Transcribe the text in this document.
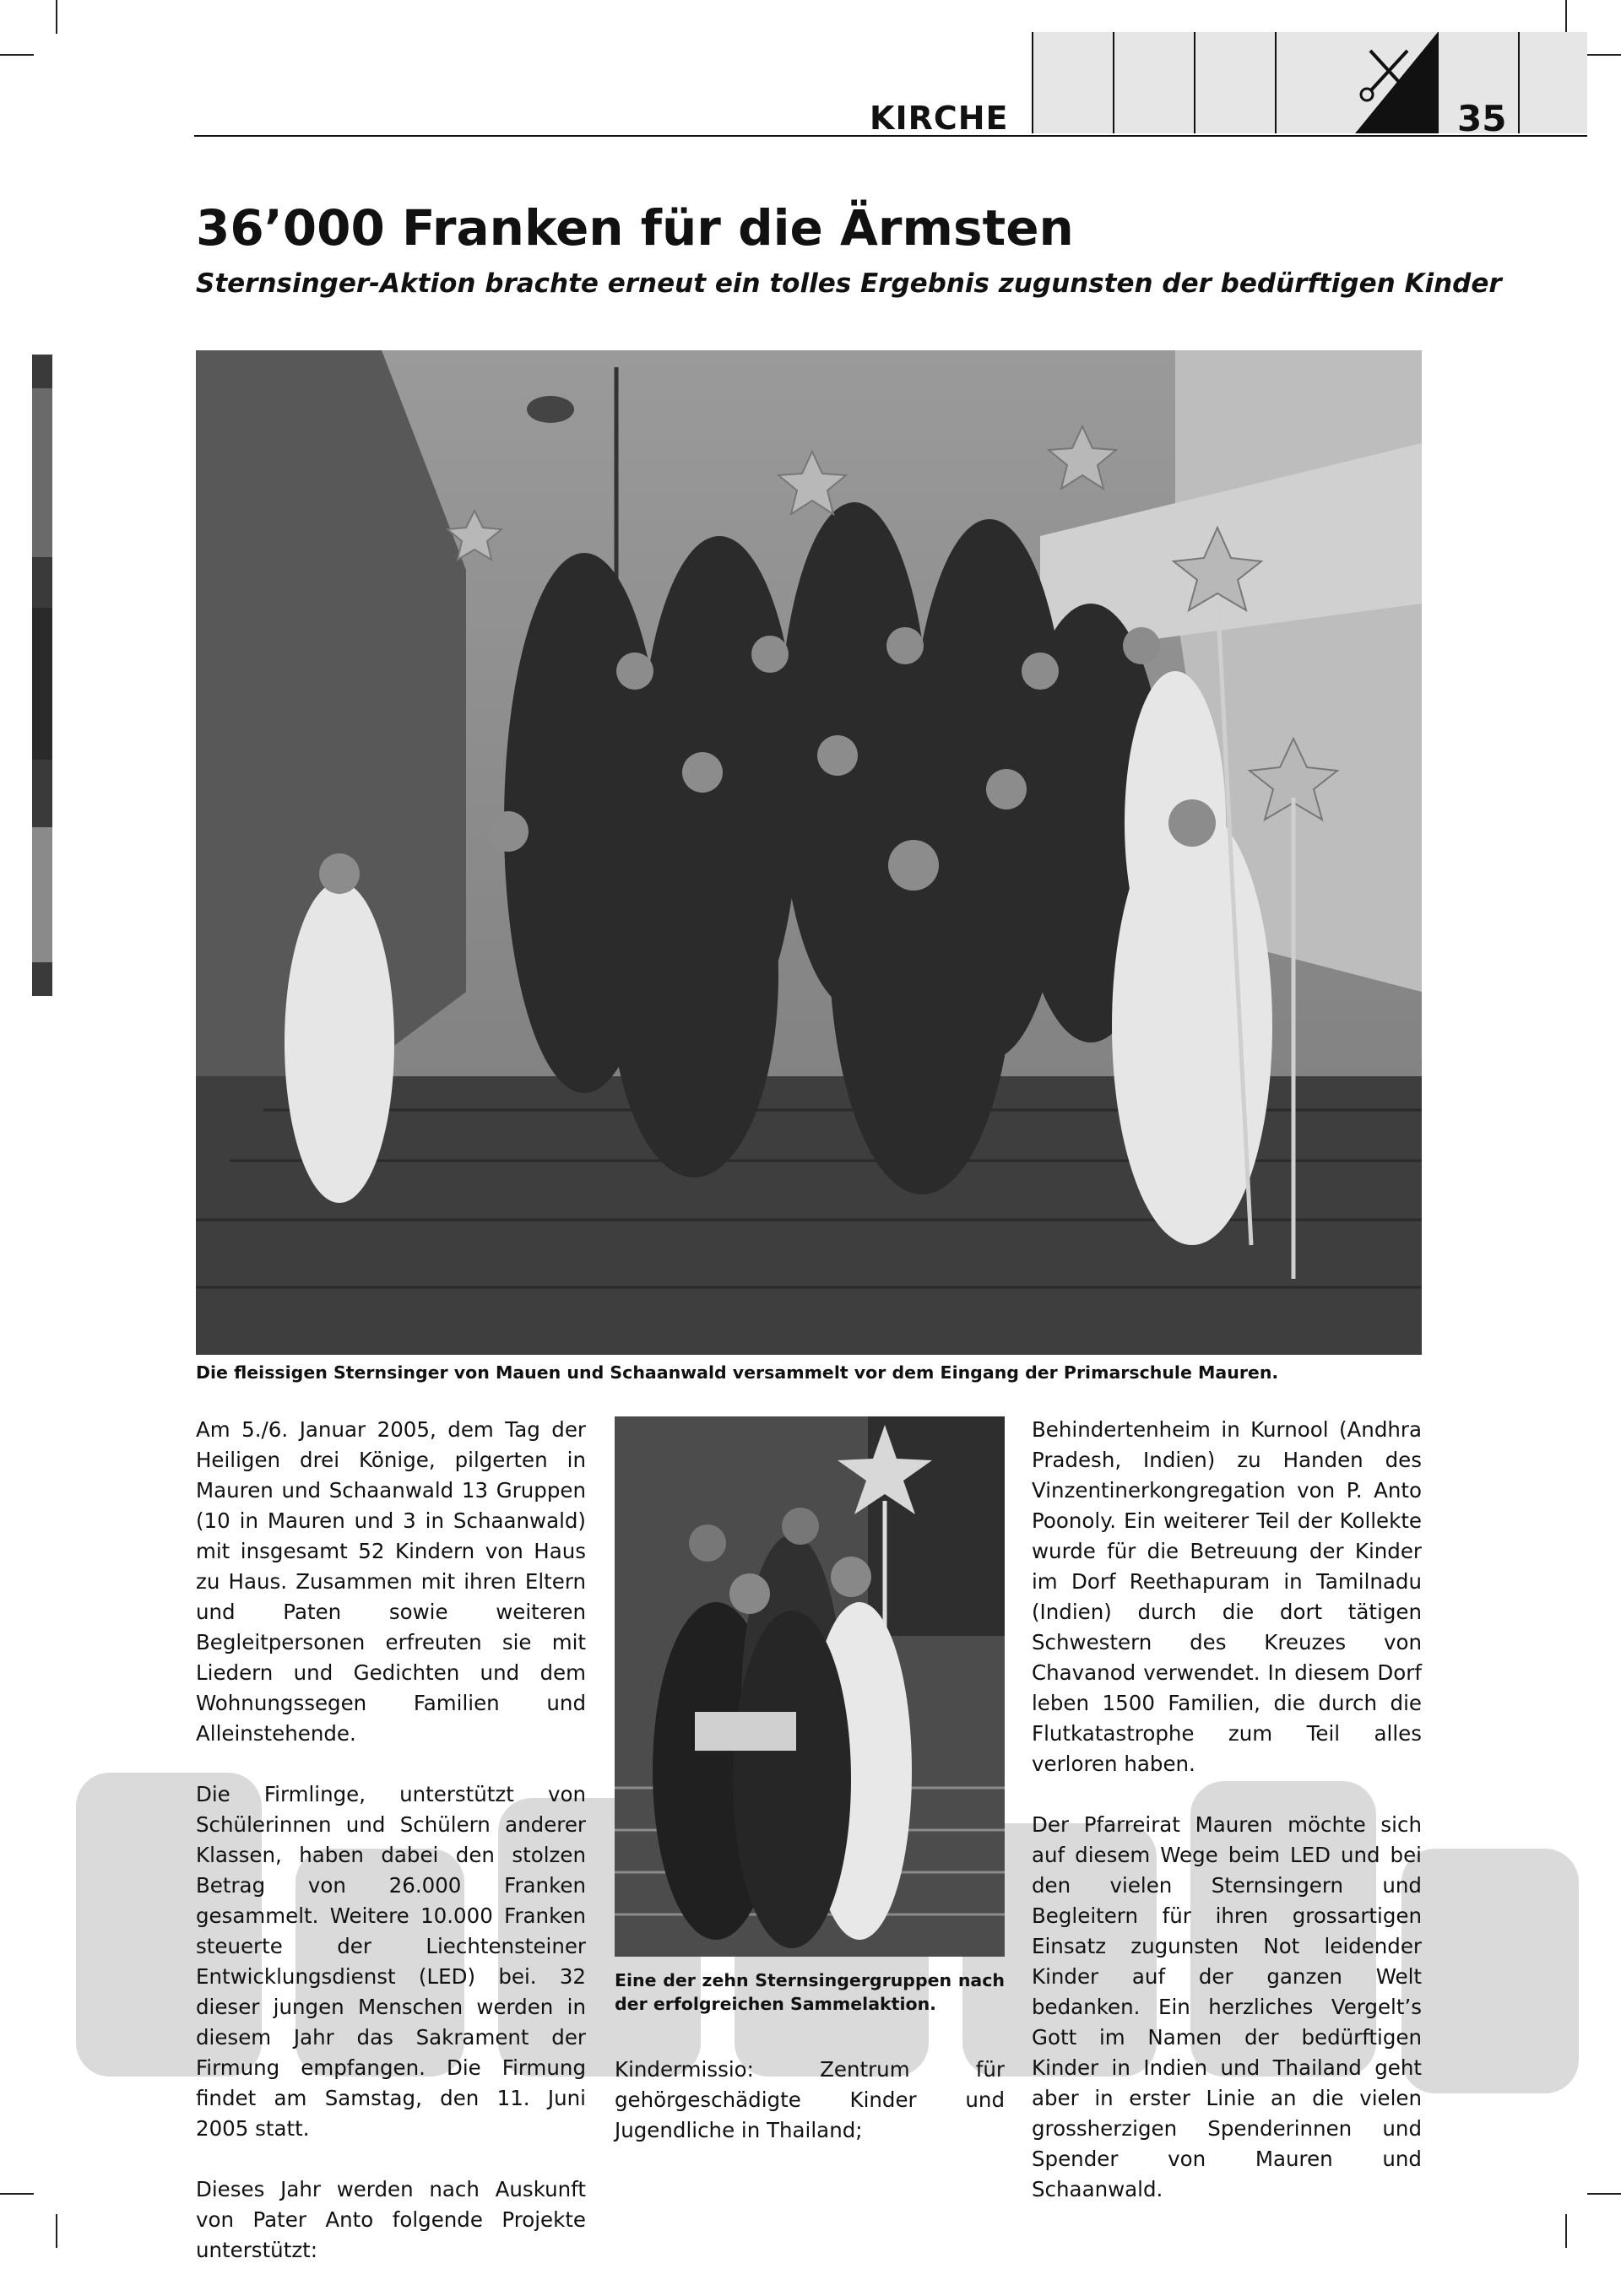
KIRCHE	35
36’000 Franken für die Ärmsten
Sternsinger-Aktion brachte erneut ein tolles Ergebnis zugunsten der bedürftigen Kinder
Die fleissigen Sternsinger von Mauen und Schaanwald versammelt vor dem Eingang der Primarschule Mauren.

Am 5./6. Januar 2005, dem Tag der Heiligen drei Könige, pilgerten in Mauren und Schaanwald 13 Gruppen (10 in Mauren und 3 in Schaanwald) mit insgesamt 52 Kindern von Haus zu Haus. Zusammen mit ihren Eltern und Paten sowie weiteren Begleitpersonen erfreuten sie mit Liedern und Gedichten und dem Wohnungssegen Familien und Alleinstehende.

Die Firmlinge, unterstützt von Schülerinnen und Schülern anderer Klassen, haben dabei den stolzen Betrag von 26.000 Franken gesammelt. Weitere 10.000 Franken steuerte der Liechtensteiner Entwicklungsdienst (LED) bei. 32 dieser jungen Menschen werden in diesem Jahr das Sakrament der Firmung empfangen. Die Firmung findet am Samstag, den 11. Juni 2005 statt.

Dieses Jahr werden nach Auskunft von Pater Anto folgende Projekte unterstützt:

Eine der zehn Sternsingergruppen nach der erfolgreichen Sammelaktion.

Kindermissio: Zentrum für gehörgeschädigte Kinder und Jugendliche in Thailand;

Behindertenheim in Kurnool (Andhra Pradesh, Indien) zu Handen des Vinzentinerkongregation von P. Anto Poonoly. Ein weiterer Teil der Kollekte wurde für die Betreuung der Kinder im Dorf Reethapuram in Tamilnadu (Indien) durch die dort tätigen Schwestern des Kreuzes von Chavanod verwendet. In diesem Dorf leben 1500 Familien, die durch die Flutkatastrophe zum Teil alles verloren haben.

Der Pfarreirat Mauren möchte sich auf diesem Wege beim LED und bei den vielen Sternsingern und Begleitern für ihren grossartigen Einsatz zugunsten Not leidender Kinder auf der ganzen Welt bedanken. Ein herzliches Vergelt’s Gott im Namen der bedürftigen Kinder in Indien und Thailand geht aber in erster Linie an die vielen grossherzigen Spenderinnen und Spender von Mauren und Schaanwald.
